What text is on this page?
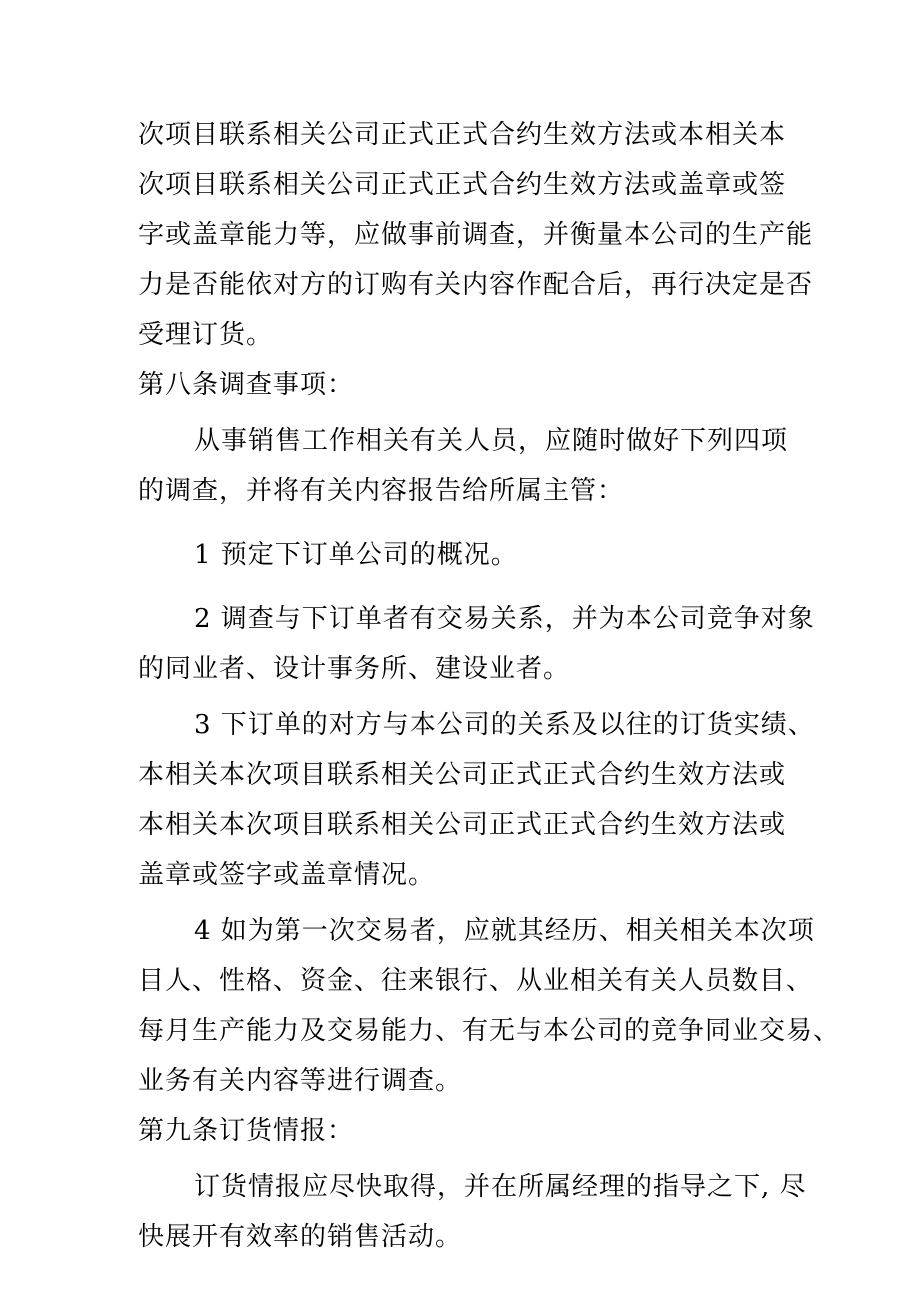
次项目联系相关公司正式正式合约生效方法或本相关本
次项目联系相关公司正式正式合约生效方法或盖章或签
字或盖章能力等，应做事前调查，并衡量本公司的生产能
力是否能依对方的订购有关内容作配合后，再行决定是否
受理订货。
第八条调查事项：
从事销售工作相关有关人员，应随时做好下列四项
的调查，并将有关内容报告给所属主管：
1 预定下订单公司的概况。
2 调查与下订单者有交易关系，并为本公司竞争对象
的同业者、设计事务所、建设业者。
3 下订单的对方与本公司的关系及以往的订货实绩、
本相关本次项目联系相关公司正式正式合约生效方法或
本相关本次项目联系相关公司正式正式合约生效方法或
盖章或签字或盖章情况。
4 如为第一次交易者，应就其经历、相关相关本次项
目人、性格、资金、往来银行、从业相关有关人员数目、
每月生产能力及交易能力、有无与本公司的竞争同业交易、
业务有关内容等进行调查。
第九条订货情报：
订货情报应尽快取得，并在所属经理的指导之下, 尽
快展开有效率的销售活动。
